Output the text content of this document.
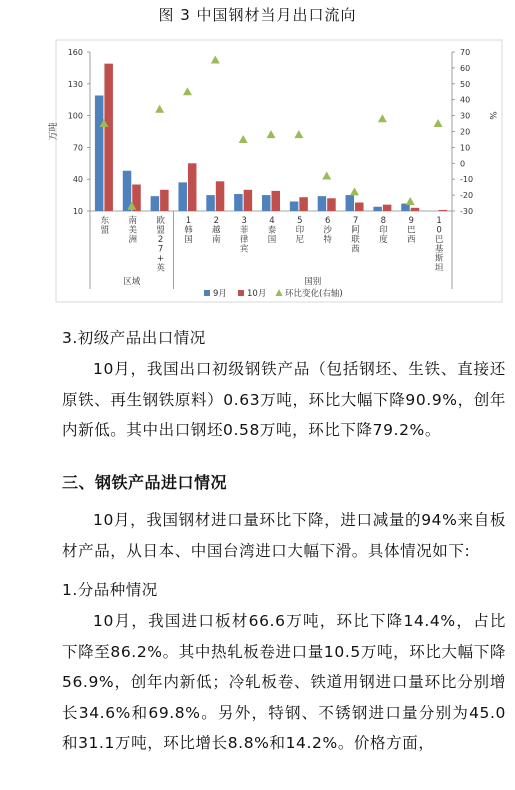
图 3 中国钢材当月出口流向
10
40
70
100
130
160
-30
-20
-10
0
10
20
30
40
50
60
70
万吨
%
东盟
南美洲
欧盟 2 7 +英
1 韩国
2 越南
3 菲律宾
4 泰国
5 印尼
6 沙特
7 阿联酋
8 印度
9 巴西
1 0 巴基斯坦
区域	国别
9月 10月 环比变化(右轴)
3.初级产品出口情况
10月，我国出口初级钢铁产品（包括钢坯、生铁、直接还原铁、再生钢铁原料）0.63万吨，环比大幅下降90.9%，创年内新低。其中出口钢坯0.58万吨，环比下降79.2%。
三、钢铁产品进口情况
10月，我国钢材进口量环比下降，进口减量的94%来自板材产品，从日本、中国台湾进口大幅下滑。具体情况如下:
1.分品种情况
10月，我国进口板材66.6万吨，环比下降14.4%，占比下降至86.2%。其中热轧板卷进口量10.5万吨，环比大幅下降56.9%，创年内新低；冷轧板卷、铁道用钢进口量环比分别增长34.6%和69.8%。另外，特钢、不锈钢进口量分别为45.0和31.1万吨，环比增长8.8%和14.2%。价格方面，
